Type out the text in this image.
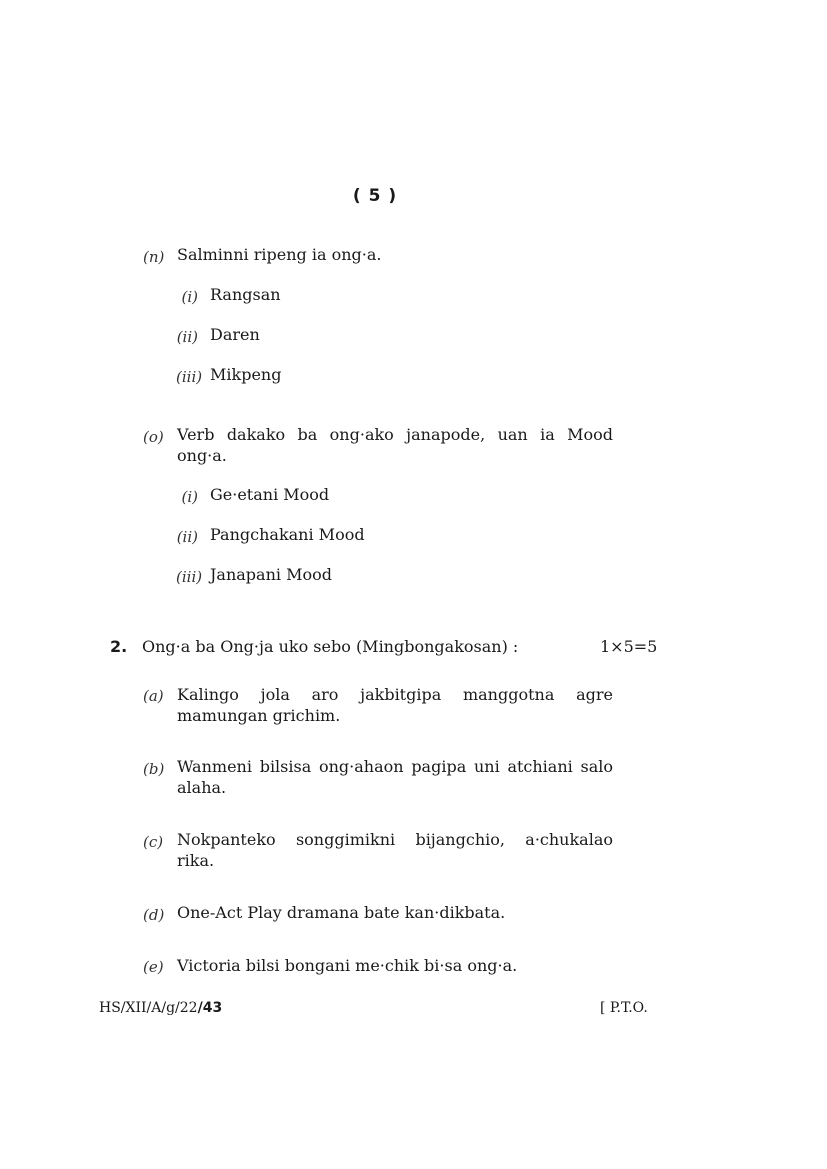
( 5 )
(n) Salminni ripeng ia ong·a.
(i) Rangsan
(ii) Daren
(iii) Mikpeng
(o) Verb dakako ba ong·ako janapode, uan ia Mood
ong·a.
(i) Ge·etani Mood
(ii) Pangchakani Mood
(iii) Janapani Mood
2. Ong·a ba Ong·ja uko sebo (Mingbongakosan) :	1×5=5
(a) Kalingo jola aro jakbitgipa manggotna agre
mamungan grichim.
(b) Wanmeni bilsisa ong·ahaon pagipa uni atchiani salo
alaha.
(c) Nokpanteko songgimikni bijangchio, a·chukalao
rika.
(d) One-Act Play dramana bate kan·dikbata.
(e) Victoria bilsi bongani me·chik bi·sa ong·a.
HS/XII/A/g/22/43	[ P.T.O.
